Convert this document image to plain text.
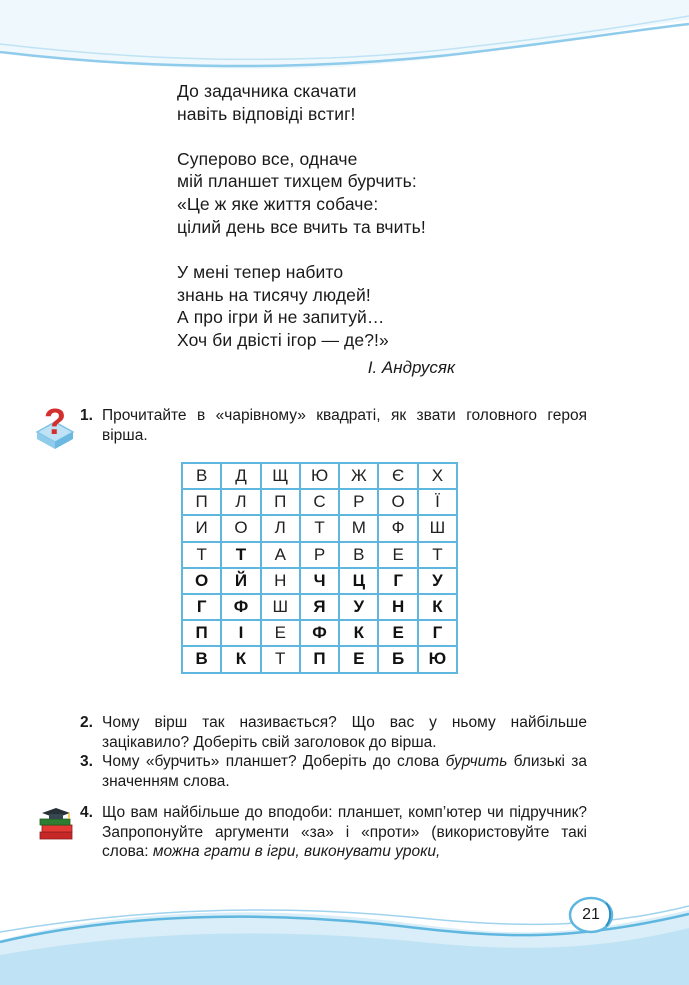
До задачника скачати
навіть відповіді встиг!
Суперово все, одначе
мій планшет тихцем бурчить:
«Це ж яке життя собаче:
цілий день все вчить та вчить!
У мені тепер набито
знань на тисячу людей!
А про ігри й не запитуй…
Хоч би двісті ігор — де?!»
І. Андрусяк
? 1. Прочитайте в «чарівному» квадраті, як звати головного героя вірша.
В	Д	Щ	Ю	Ж	Є	Х
П	Л	П	С	Р	О	Ї
И	О	Л	Т	М	Ф	Ш
Т	Т	А	Р	В	Е	Т
О	Й	Н	Ч	Ц	Г	У
Г	Ф	Ш	Я	У	Н	К
П	І	Е	Ф	К	Е	Г
В	К	Т	П	Е	Б	Ю
2. Чому вірш так називається? Що вас у ньому найбільше зацікавило? Доберіть свій заголовок до вірша.
3. Чому «бурчить» планшет? Доберіть до слова бурчить близькі за значенням слова.
4. Що вам найбільше до вподоби: планшет, комп’ютер чи підручник? Запропонуйте аргументи «за» і «проти» (використовуйте такі слова: можна грати в ігри, виконувати уроки,
21
